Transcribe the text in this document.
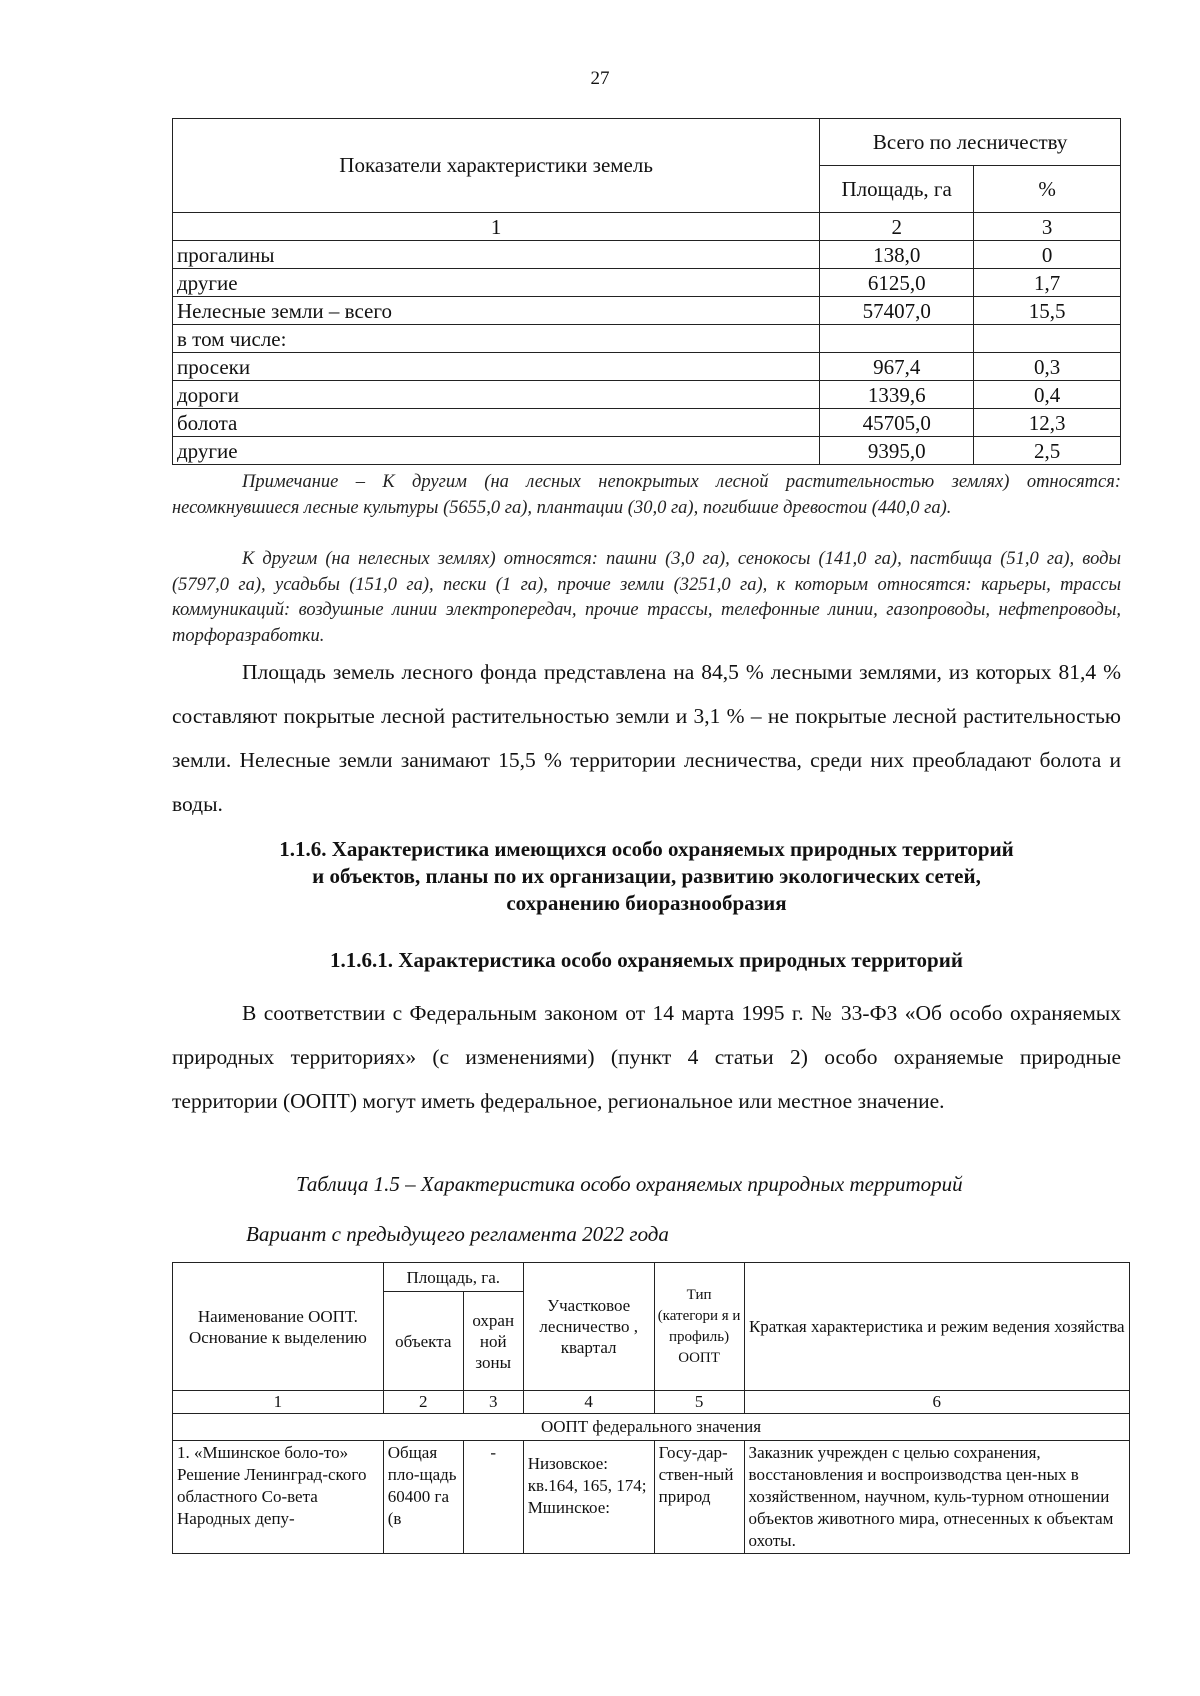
27
Показатели характеристики земель	Всего по лесничеству	
	Площадь, га	%
1	2	3
прогалины	138,0	0
другие	6125,0	1,7
Нелесные земли – всего	57407,0	15,5
в том числе:		
просеки	967,4	0,3
дороги	1339,6	0,4
болота	45705,0	12,3
другие	9395,0	2,5
Примечание – К другим (на лесных непокрытых лесной растительностью землях) относятся: несомкнувшиеся лесные культуры (5655,0 га), плантации (30,0 га), погибшие древостои (440,0 га).
К другим (на нелесных землях) относятся: пашни (3,0 га), сенокосы (141,0 га), пастбища (51,0 га), воды (5797,0 га), усадьбы (151,0 га), пески (1 га), прочие земли (3251,0 га), к которым относятся: карьеры, трассы коммуникаций: воздушные линии электропередач, прочие трассы, телефонные линии, газопроводы, нефтепроводы, торфоразработки.
Площадь земель лесного фонда представлена на 84,5 % лесными землями, из которых 81,4 % составляют покрытые лесной растительностью земли и 3,1 % – не покрытые лесной растительностью земли. Нелесные земли занимают 15,5 % территории лесничества, среди них преобладают болота и воды.
1.1.6. Характеристика имеющихся особо охраняемых природных территорий
и объектов, планы по их организации, развитию экологических сетей,
сохранению биоразнообразия
1.1.6.1. Характеристика особо охраняемых природных территорий
В соответствии с Федеральным законом от 14 марта 1995 г. № 33-ФЗ «Об особо охраняемых природных территориях» (с изменениями) (пункт 4 статьи 2) особо охраняемые природные территории (ООПТ) могут иметь федеральное, региональное или местное значение.
Таблица 1.5 – Характеристика особо охраняемых природных территорий
Вариант с предыдущего регламента 2022 года
Наименование ООПТ. Основание к выделению	Площадь, га.		Участковое лесничество , квартал	Тип (категори я и профиль) ООПТ	Краткая характеристика и режим ведения хозяйства
	объекта	охран ной зоны			
1	2	3	4	5	6
ООПТ федерального значения					
1. «Мшинское боло-то» Решение Ленинград-ского областного Со-вета Народных депу-	Общая пло-щадь 60400 га (в	-	Низовское: кв.164, 165, 174; Мшинское:	Госу-дар-ствен-ный природ	Заказник учрежден с целью сохранения, восстановления и воспроизводства цен-ных в хозяйственном, научном, куль-турном отношении объектов животного мира, отнесенных к объектам охоты.
